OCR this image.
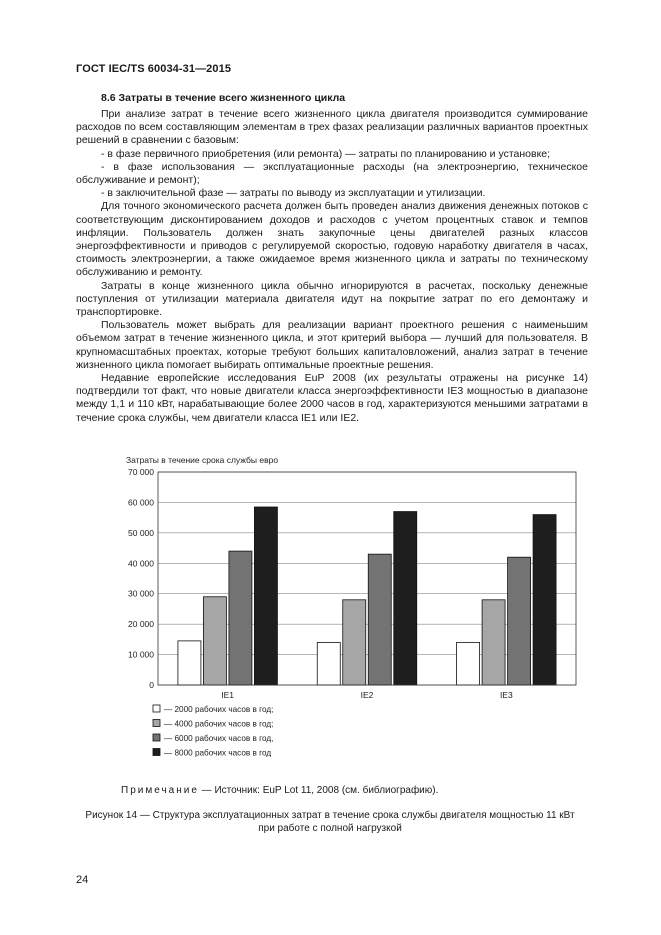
ГОСТ IEC/TS 60034-31—2015
8.6 Затраты в течение всего жизненного цикла

При анализе затрат в течение всего жизненного цикла двигателя производится суммирование расходов по всем составляющим элементам в трех фазах реализации различных вариантов проектных решений в сравнении с базовым:

- в фазе первичного приобретения (или ремонта) — затраты по планированию и установке;

- в фазе использования — эксплуатационные расходы (на электроэнергию, техническое обслуживание и ремонт);

- в заключительной фазе — затраты по выводу из эксплуатации и утилизации.

Для точного экономического расчета должен быть проведен анализ движения денежных потоков с соответствующим дисконтированием доходов и расходов с учетом процентных ставок и темпов инфляции. Пользователь должен знать закупочные цены двигателей разных классов энергоэффективности и приводов с регулируемой скоростью, годовую наработку двигателя в часах, стоимость электроэнергии, а также ожидаемое время жизненного цикла и затраты по техническому обслуживанию и ремонту.

Затраты в конце жизненного цикла обычно игнорируются в расчетах, поскольку денежные поступления от утилизации материала двигателя идут на покрытие затрат по его демонтажу и транспортировке.

Пользователь может выбрать для реализации вариант проектного решения с наименьшим объемом затрат в течение жизненного цикла, и этот критерий выбора — лучший для пользователя. В крупномасштабных проектах, которые требуют больших капиталовложений, анализ затрат в течение жизненного цикла помогает выбирать оптимальные проектные решения.

Недавние европейские исследования EuP 2008 (их результаты отражены на рисунке 14) подтвердили тот факт, что новые двигатели класса энергоэффективности IE3 мощностью в диапазоне между 1,1 и 110 кВт, нарабатывающие более 2000 часов в год, характеризуются меньшими затратами в течение срока службы, чем двигатели класса IE1 или IE2.

Затраты в течение срока службы евро
0
10 000
20 000
30 000
40 000
50 000
60 000
70 000
IE1	IE2	IE3
— 2000 рабочих часов в год;
— 4000 рабочих часов в год;
— 6000 рабочих часов в год,
— 8000 рабочих часов в год
Примечание — Источник: EuP Lot 11, 2008 (см. библиографию).
Рисунок 14 — Структура эксплуатационных затрат в течение срока службы двигателя мощностью 11 кВт
при работе с полной нагрузкой
24
